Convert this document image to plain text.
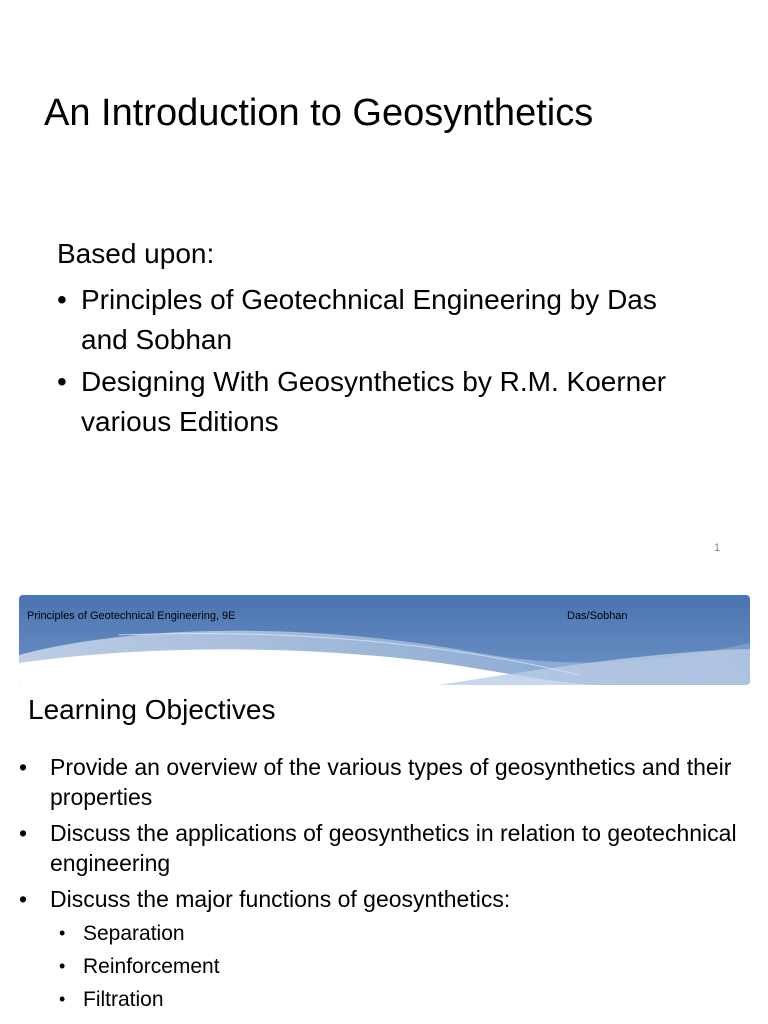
An Introduction to Geosynthetics
Based upon:
• Principles of Geotechnical Engineering by Das and Sobhan
• Designing With Geosynthetics by R.M. Koerner various Editions
1
Principles of Geotechnical Engineering, 9E	Das/Sobhan
Learning Objectives
• Provide an overview of the various types of geosynthetics and their properties
• Discuss the applications of geosynthetics in relation to geotechnical engineering
• Discuss the major functions of geosynthetics:
• Separation
• Reinforcement
• Filtration
